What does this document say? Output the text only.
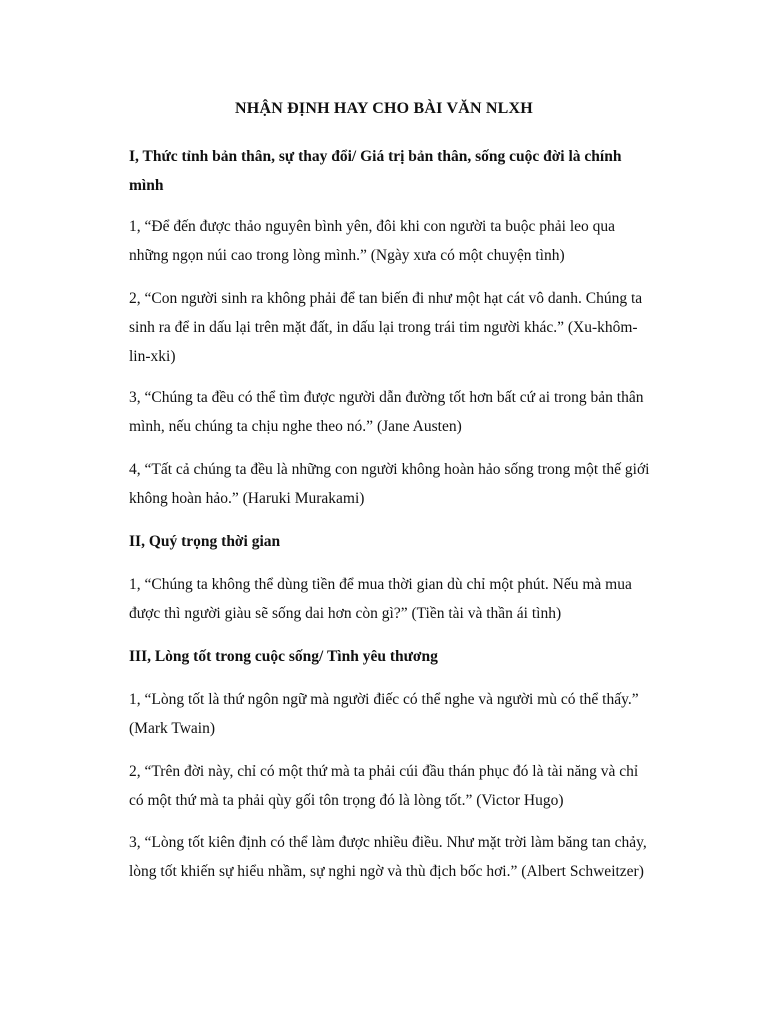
NHẬN ĐỊNH HAY CHO BÀI VĂN NLXH
I, Thức tỉnh bản thân, sự thay đổi/ Giá trị bản thân, sống cuộc đời là chính
mình
1, “Để đến được thảo nguyên bình yên, đôi khi con người ta buộc phải leo qua
những ngọn núi cao trong lòng mình.” (Ngày xưa có một chuyện tình)
2, “Con người sinh ra không phải để tan biến đi như một hạt cát vô danh. Chúng ta
sinh ra để in dấu lại trên mặt đất, in dấu lại trong trái tim người khác.” (Xu-khôm-
lin-xki)
3, “Chúng ta đều có thể tìm được người dẫn đường tốt hơn bất cứ ai trong bản thân
mình, nếu chúng ta chịu nghe theo nó.” (Jane Austen)
4, “Tất cả chúng ta đều là những con người không hoàn hảo sống trong một thế giới
không hoàn hảo.” (Haruki Murakami)
II, Quý trọng thời gian
1, “Chúng ta không thể dùng tiền để mua thời gian dù chỉ một phút. Nếu mà mua
được thì người giàu sẽ sống dai hơn còn gì?” (Tiền tài và thần ái tình)
III, Lòng tốt trong cuộc sống/ Tình yêu thương
1, “Lòng tốt là thứ ngôn ngữ mà người điếc có thể nghe và người mù có thể thấy.”
(Mark Twain)
2, “Trên đời này, chỉ có một thứ mà ta phải cúi đầu thán phục đó là tài năng và chỉ
có một thứ mà ta phải qùy gối tôn trọng đó là lòng tốt.” (Victor Hugo)
3, “Lòng tốt kiên định có thể làm được nhiều điều. Như mặt trời làm băng tan chảy,
lòng tốt khiến sự hiểu nhầm, sự nghi ngờ và thù địch bốc hơi.” (Albert Schweitzer)
